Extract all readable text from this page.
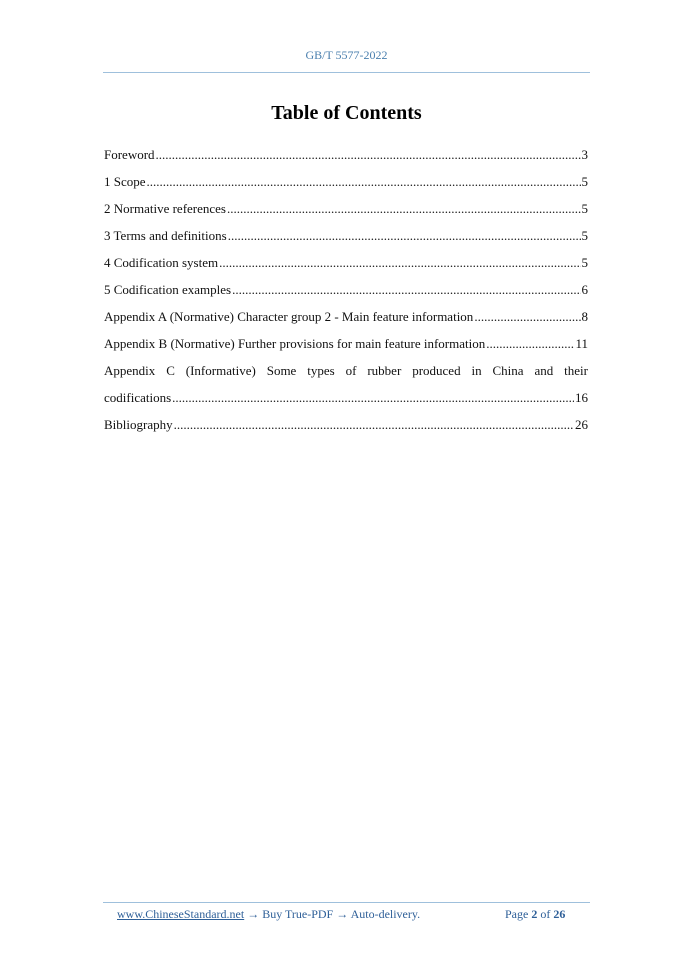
GB/T 5577-2022
Table of Contents
Foreword .....	3
1 Scope .....	5
2 Normative references .....	5
3 Terms and definitions .....	5
4 Codification system .....	5
5 Codification examples .....	6
Appendix A (Normative) Character group 2 - Main feature information .....	8
Appendix B (Normative) Further provisions for main feature information .....	11
Appendix C (Informative) Some types of rubber produced in China and their
codifications .....	16
Bibliography .....	26
www.ChineseStandard.net → Buy True-PDF → Auto-delivery.	Page 2 of 26
